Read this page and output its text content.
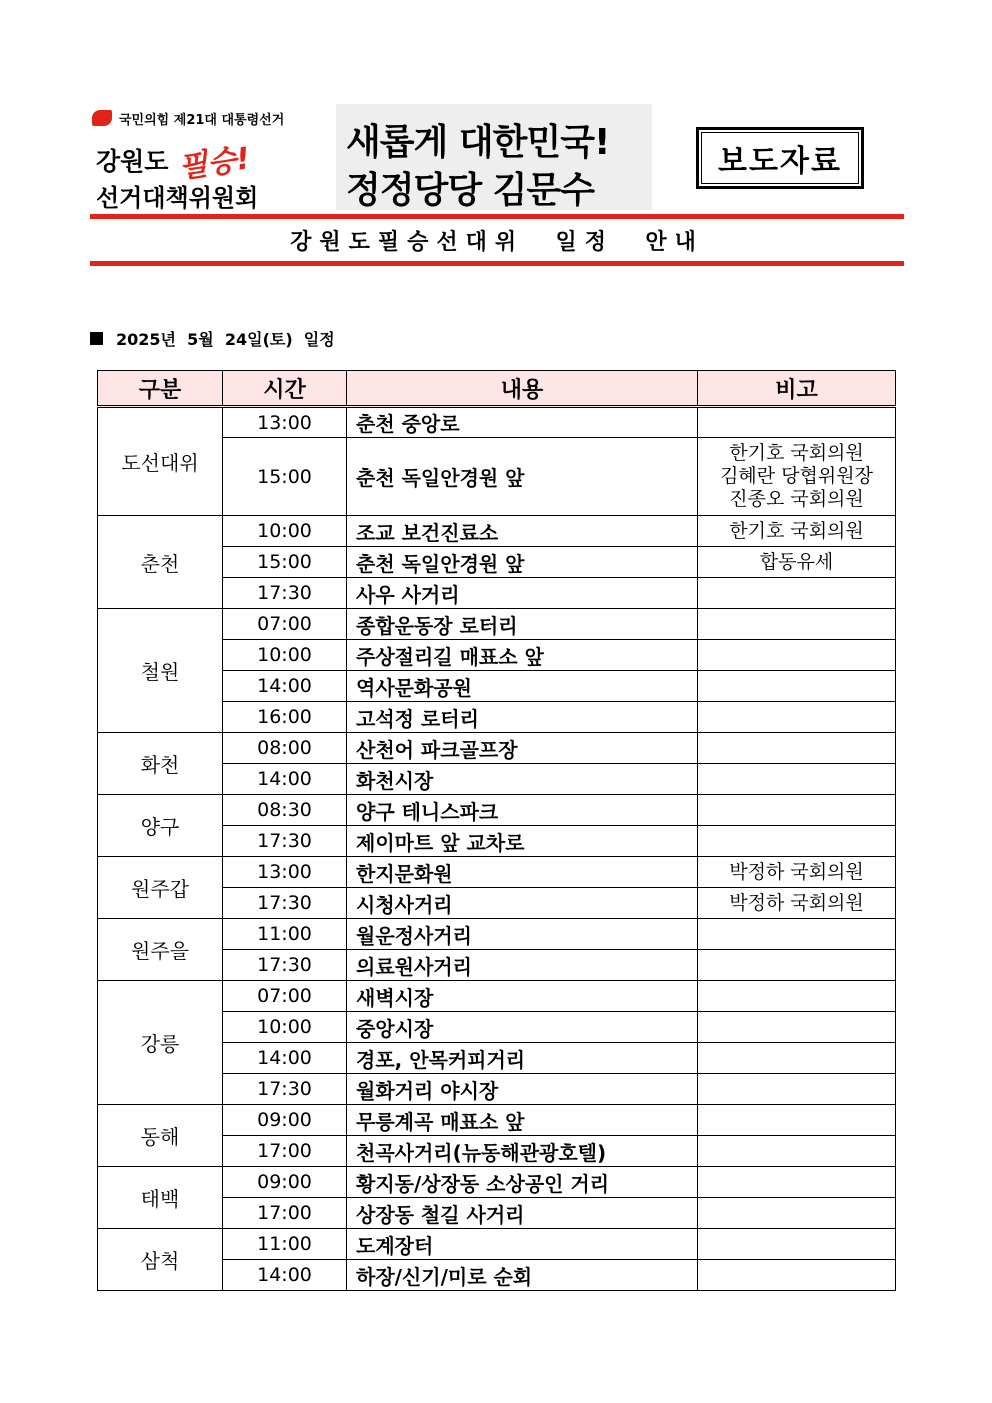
국민의힘 제21대 대통령선거
강원도 필승!
선거대책위원회
새롭게 대한민국!
정정당당 김문수
보도자료
강원도필승선대위  일정  안내
2025년  5월  24일(토)  일정
구분	시간	내용	비고
도선대위	13:00	춘천 중앙로	
	15:00	춘천 독일안경원 앞	한기호 국회의원
김혜란 당협위원장
진종오 국회의원

춘천	10:00	조교 보건진료소	한기호 국회의원

	15:00	춘천 독일안경원 앞	합동유세

	17:30	사우 사거리	
철원	07:00	종합운동장 로터리	
	10:00	주상절리길 매표소 앞	
	14:00	역사문화공원	
	16:00	고석정 로터리	
화천	08:00	산천어 파크골프장	
	14:00	화천시장	
양구	08:30	양구 테니스파크	
	17:30	제이마트 앞 교차로	
원주갑	13:00	한지문화원	박정하 국회의원

	17:30	시청사거리	박정하 국회의원

원주을	11:00	월운정사거리	
	17:30	의료원사거리	
강릉	07:00	새벽시장	
	10:00	중앙시장	
	14:00	경포, 안목커피거리	
	17:30	월화거리 야시장	
동해	09:00	무릉계곡 매표소 앞	
	17:00	천곡사거리(뉴동해관광호텔)	
태백	09:00	황지동/상장동 소상공인 거리	
	17:00	상장동 철길 사거리	
삼척	11:00	도계장터	
	14:00	하장/신기/미로 순회	
